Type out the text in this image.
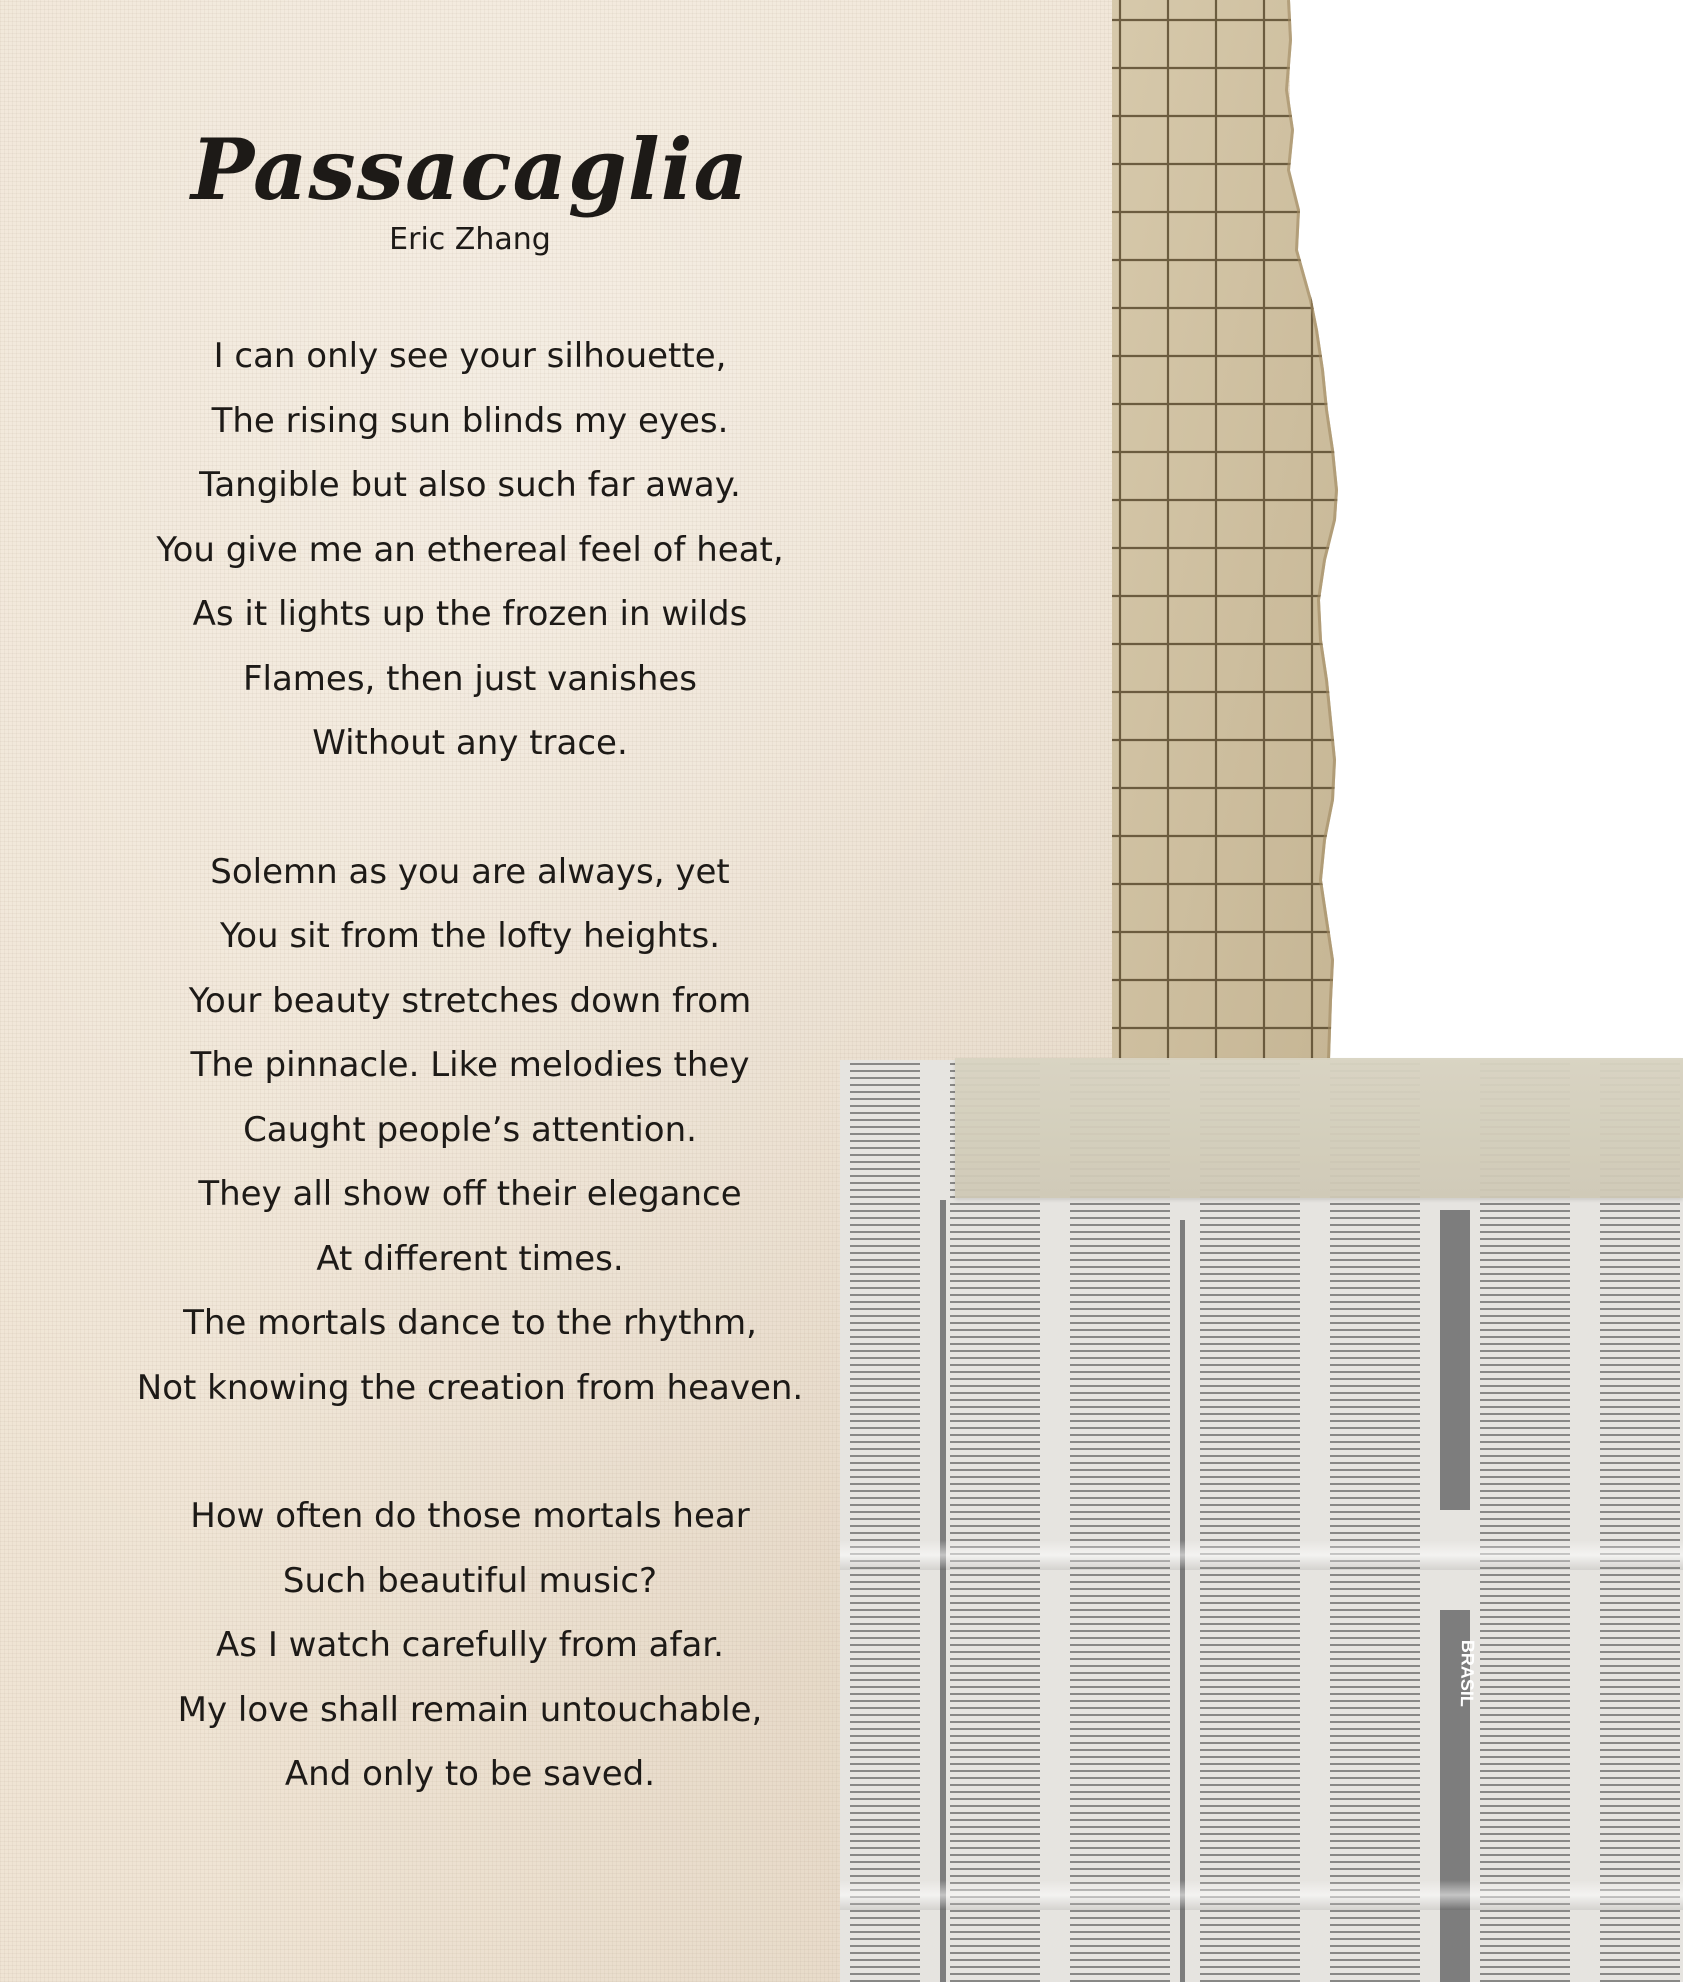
BRASIL
Passacaglia
Eric Zhang
I can only see your silhouette,
The rising sun blinds my eyes.
Tangible but also such far away.
You give me an ethereal feel of heat,
As it lights up the frozen in wilds
Flames, then just vanishes
Without any trace.
Solemn as you are always, yet
You sit from the lofty heights.
Your beauty stretches down from
The pinnacle. Like melodies they
Caught people’s attention.
They all show off their elegance
At different times.
The mortals dance to the rhythm,
Not knowing the creation from heaven.
How often do those mortals hear
Such beautiful music?
As I watch carefully from afar.
My love shall remain untouchable,
And only to be saved.
